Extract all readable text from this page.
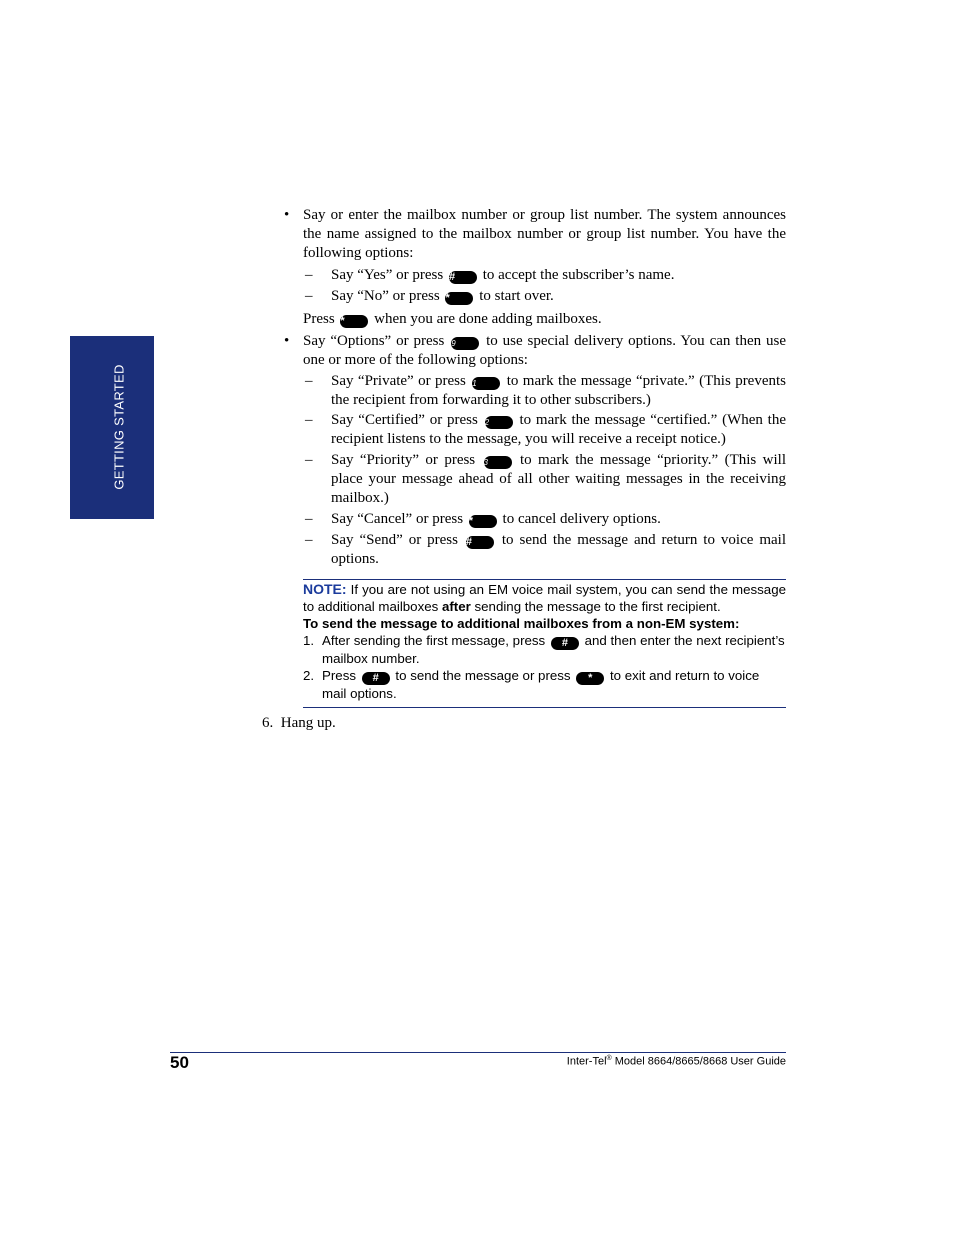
GETTING STARTED
• Say or enter the mailbox number or group list number. The system announces the name assigned to the mailbox number or group list number. You have the following options:

– Say “Yes” or press # to accept the subscriber’s name.

– Say “No” or press * to start over.

Press * when you are done adding mailboxes.

• Say “Options” or press 9 to use special delivery options. You can then use one or more of the following options:

– Say “Private” or press 1 to mark the message “private.” (This prevents the recipient from forwarding it to other subscribers.)

– Say “Certified” or press 2 to mark the message “certified.” (When the recipient listens to the message, you will receive a receipt notice.)

– Say “Priority” or press 3 to mark the message “priority.” (This will place your message ahead of all other waiting messages in the receiving mailbox.)

– Say “Cancel” or press * to cancel delivery options.

– Say “Send” or press # to send the message and return to voice mail options.

NOTE: If you are not using an EM voice mail system, you can send the message to additional mailboxes after sending the message to the first recipient.
To send the message to additional mailboxes from a non-EM system:
1. After sending the first message, press # and then enter the next recipient’s mailbox number.
2. Press # to send the message or press * to exit and return to voice mail options.

6. Hang up.

50	Inter-Tel® Model 8664/8665/8668 User Guide
